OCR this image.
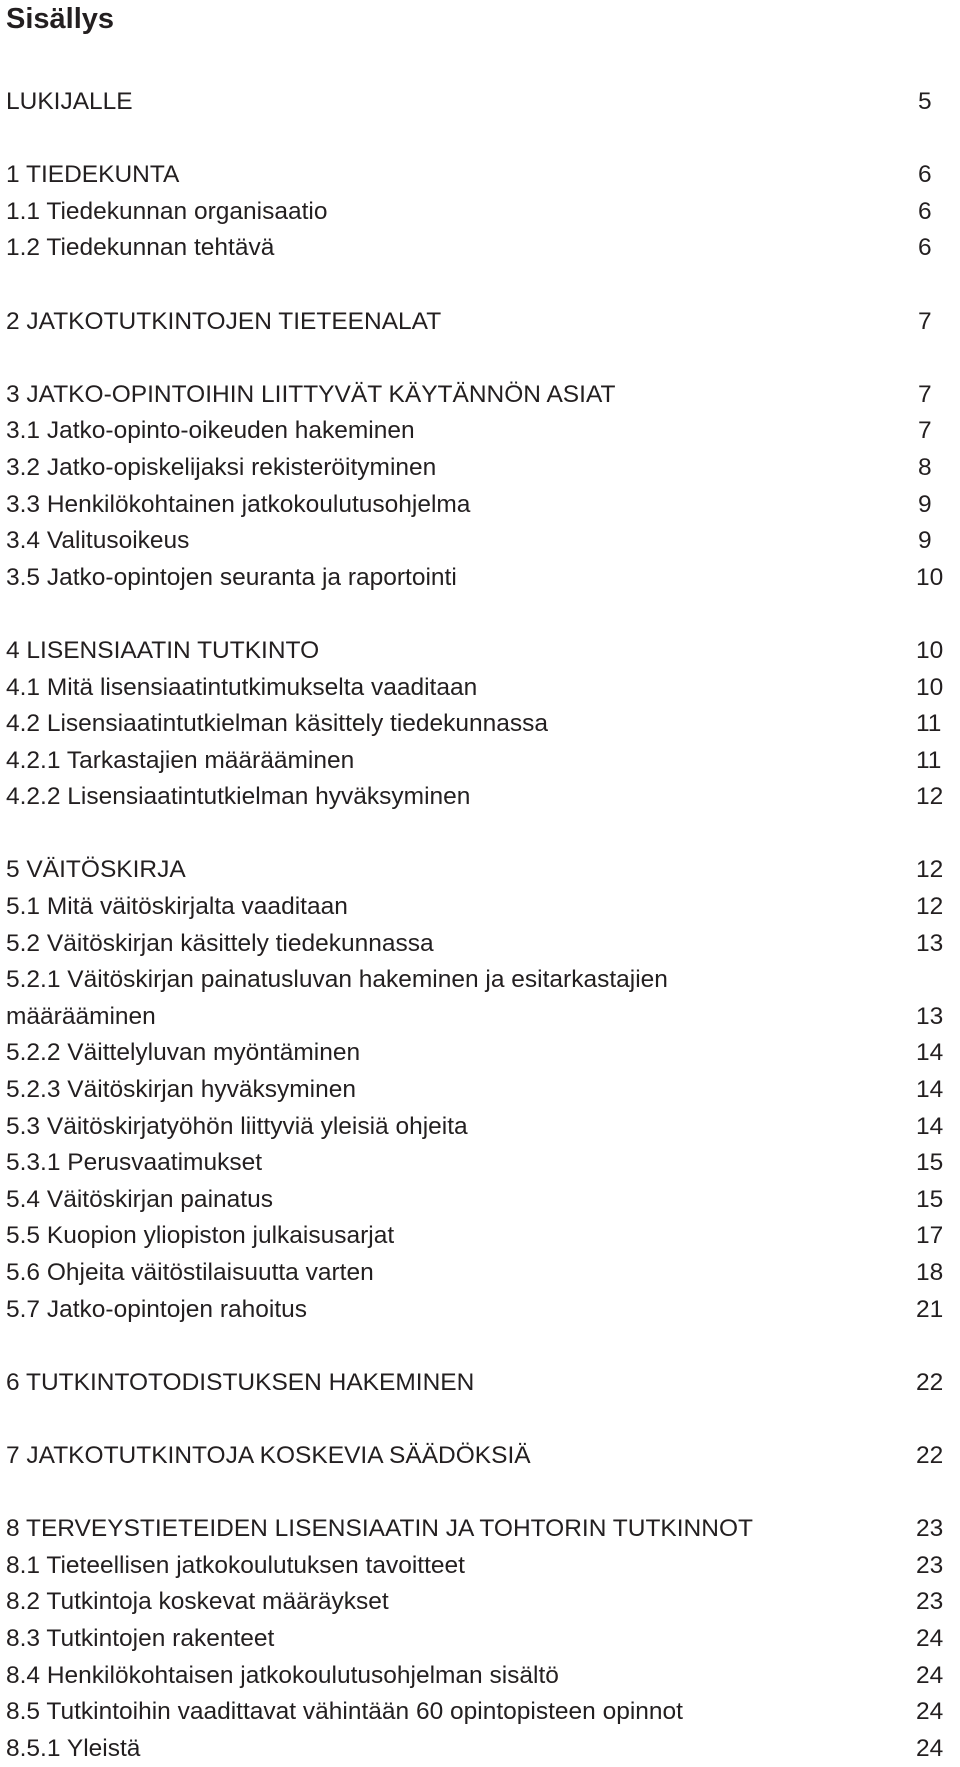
Sisällys
LUKIJALLE	5
1 TIEDEKUNTA	6
1.1 Tiedekunnan organisaatio	6
1.2 Tiedekunnan tehtävä	6
2 JATKOTUTKINTOJEN TIETEENALAT	7
3 JATKO-OPINTOIHIN LIITTYVÄT KÄYTÄNNÖN ASIAT	7
3.1 Jatko-opinto-oikeuden hakeminen	7
3.2 Jatko-opiskelijaksi rekisteröityminen	8
3.3 Henkilökohtainen jatkokoulutusohjelma	9
3.4 Valitusoikeus	9
3.5 Jatko-opintojen seuranta ja raportointi	10
4 LISENSIAATIN TUTKINTO	10
4.1 Mitä lisensiaatintutkimukselta vaaditaan	10
4.2 Lisensiaatintutkielman käsittely tiedekunnassa	11
4.2.1 Tarkastajien määrääminen	11
4.2.2 Lisensiaatintutkielman hyväksyminen	12
5 VÄITÖSKIRJA	12
5.1 Mitä väitöskirjalta vaaditaan	12
5.2 Väitöskirjan käsittely tiedekunnassa	13
5.2.1 Väitöskirjan painatusluvan hakeminen ja esitarkastajien
määrääminen	13
5.2.2 Väittelyluvan myöntäminen	14
5.2.3 Väitöskirjan hyväksyminen	14
5.3 Väitöskirjatyöhön liittyviä yleisiä ohjeita	14
5.3.1 Perusvaatimukset	15
5.4 Väitöskirjan painatus	15
5.5 Kuopion yliopiston julkaisusarjat	17
5.6 Ohjeita väitöstilaisuutta varten	18
5.7 Jatko-opintojen rahoitus	21
6 TUTKINTOTODISTUKSEN HAKEMINEN	22
7 JATKOTUTKINTOJA KOSKEVIA SÄÄDÖKSIÄ	22
8 TERVEYSTIETEIDEN LISENSIAATIN JA TOHTORIN TUTKINNOT	23
8.1 Tieteellisen jatkokoulutuksen tavoitteet	23
8.2 Tutkintoja koskevat määräykset	23
8.3 Tutkintojen rakenteet	24
8.4 Henkilökohtaisen jatkokoulutusohjelman sisältö	24
8.5 Tutkintoihin vaadittavat vähintään 60 opintopisteen opinnot	24
8.5.1 Yleistä	24
